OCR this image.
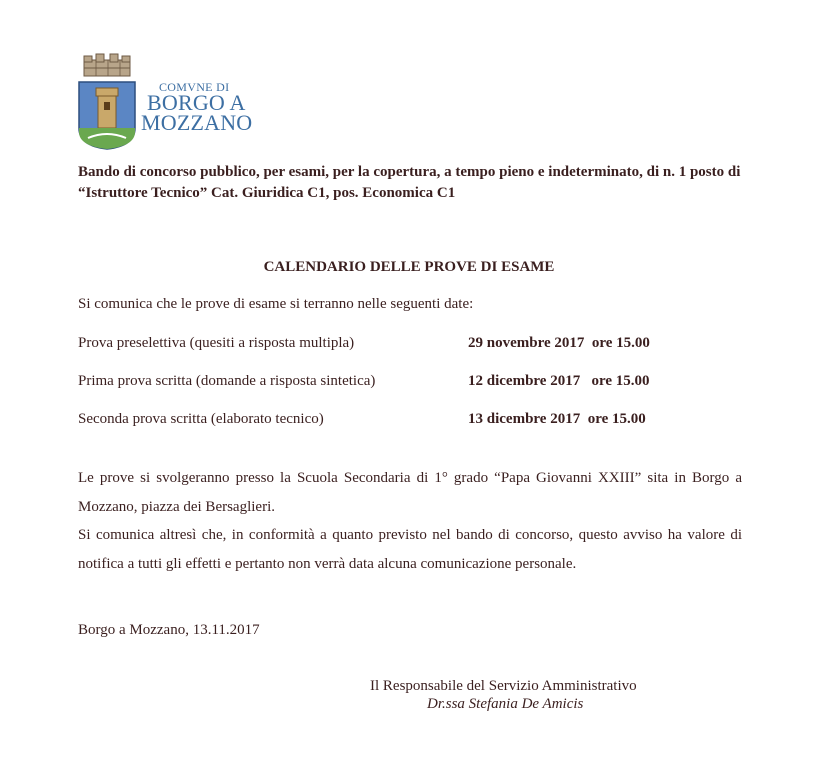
COMVNE DI
BORGO A
MOZZANO
Bando di concorso pubblico, per esami, per la copertura, a tempo pieno e indeterminato, di n. 1 posto di “Istruttore Tecnico” Cat. Giuridica C1, pos. Economica C1
CALENDARIO DELLE PROVE DI ESAME
Si comunica che le prove di esame si terranno nelle seguenti date:
Prova preselettiva (quesiti a risposta multipla)	29 novembre 2017  ore 15.00
Prima prova scritta (domande a risposta sintetica)	12 dicembre 2017   ore 15.00
Seconda prova scritta (elaborato tecnico)	13 dicembre 2017  ore 15.00

Le prove si svolgeranno presso la Scuola Secondaria di 1° grado “Papa Giovanni XXIII” sita in Borgo a Mozzano, piazza dei Bersaglieri.

Si comunica altresì che, in conformità a quanto previsto nel bando di concorso, questo avviso ha valore di notifica a tutti gli effetti e pertanto non verrà data alcuna comunicazione personale.

Borgo a Mozzano, 13.11.2017
Il Responsabile del Servizio Amministrativo
Dr.ssa Stefania De Amicis
